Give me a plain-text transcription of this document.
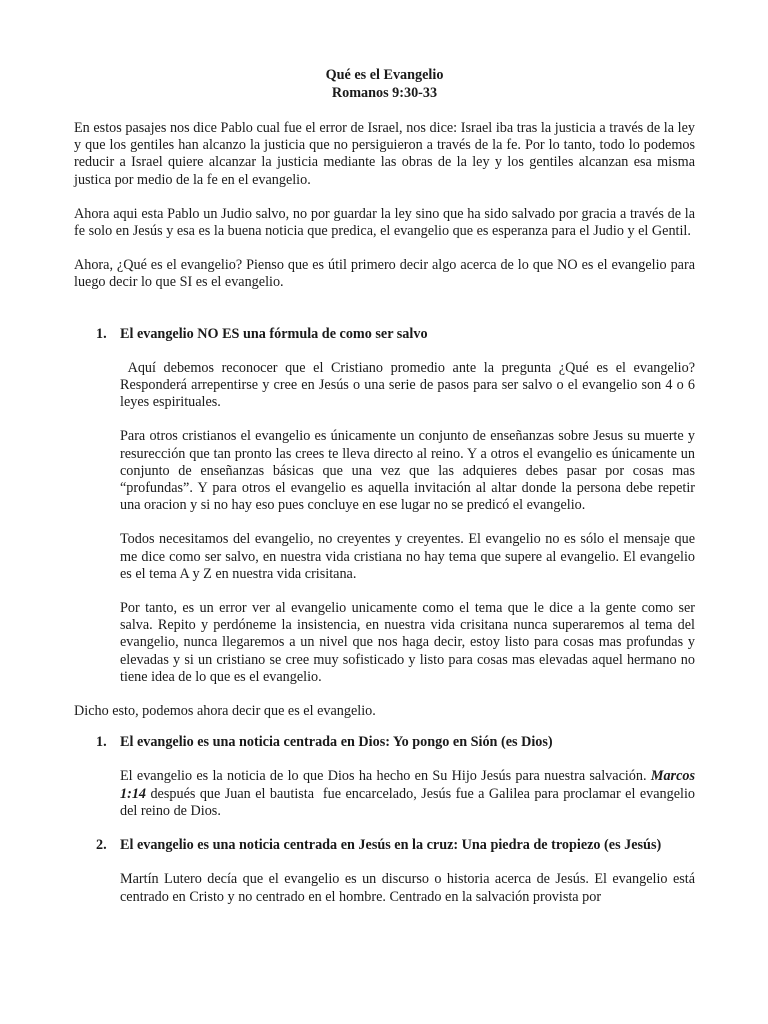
Qué es el Evangelio

Romanos 9:30-33

En estos pasajes nos dice Pablo cual fue el error de Israel, nos dice: Israel iba tras la justicia a través de la ley y que los gentiles han alcanzo la justicia que no persiguieron a través de la fe. Por lo tanto, todo lo podemos reducir a Israel quiere alcanzar la justicia mediante las obras de la ley y los gentiles alcanzan esa misma justica por medio de la fe en el evangelio.

Ahora aqui esta Pablo un Judio salvo, no por guardar la ley sino que ha sido salvado por gracia a través de la fe solo en Jesús y esa es la buena noticia que predica, el evangelio que es esperanza para el Judio y el Gentil.

Ahora, ¿Qué es el evangelio? Pienso que es útil primero decir algo acerca de lo que NO es el evangelio para luego decir lo que SI es el evangelio.

1. El evangelio NO ES una fórmula de como ser salvo

Aquí debemos reconocer que el Cristiano promedio ante la pregunta ¿Qué es el evangelio? Responderá arrepentirse y cree en Jesús o una serie de pasos para ser salvo o el evangelio son 4 o 6 leyes espirituales.

Para otros cristianos el evangelio es únicamente un conjunto de enseñanzas sobre Jesus su muerte y resurección que tan pronto las crees te lleva directo al reino. Y a otros el evangelio es únicamente un conjunto de enseñanzas básicas que una vez que las adquieres debes pasar por cosas mas “profundas”. Y para otros el evangelio es aquella invitación al altar donde la persona debe repetir una oracion y si no hay eso pues concluye en ese lugar no se predicó el evangelio.

Todos necesitamos del evangelio, no creyentes y creyentes. El evangelio no es sólo el mensaje que me dice como ser salvo, en nuestra vida cristiana no hay tema que supere al evangelio. El evangelio es el tema A y Z en nuestra vida crisitana.

Por tanto, es un error ver al evangelio unicamente como el tema que le dice a la gente como ser salva. Repito y perdóneme la insistencia, en nuestra vida crisitana nunca superaremos al tema del evangelio, nunca llegaremos a un nivel que nos haga decir, estoy listo para cosas mas profundas y elevadas y si un cristiano se cree muy sofisticado y listo para cosas mas elevadas aquel hermano no tiene idea de lo que es el evangelio.

Dicho esto, podemos ahora decir que es el evangelio.

1. El evangelio es una noticia centrada en Dios: Yo pongo en Sión (es Dios)

El evangelio es la noticia de lo que Dios ha hecho en Su Hijo Jesús para nuestra salvación. Marcos 1:14 después que Juan el bautista  fue encarcelado, Jesús fue a Galilea para proclamar el evangelio del reino de Dios.

2. El evangelio es una noticia centrada en Jesús en la cruz: Una piedra de tropiezo (es Jesús)

Martín Lutero decía que el evangelio es un discurso o historia acerca de Jesús. El evangelio está centrado en Cristo y no centrado en el hombre. Centrado en la salvación provista por
